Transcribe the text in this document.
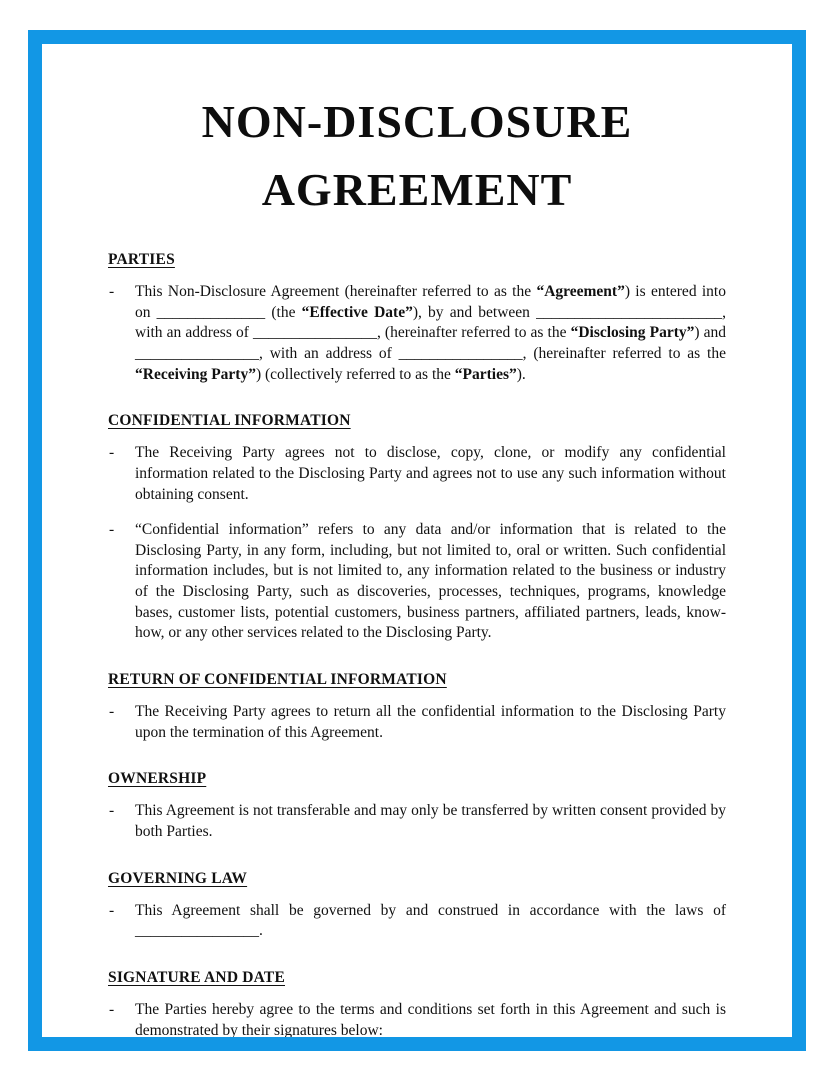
NON-DISCLOSURE
AGREEMENT
PARTIES
- This Non-Disclosure Agreement (hereinafter referred to as the “Agreement”) is entered into on ______________ (the “Effective Date”), by and between ________________________, with an address of ________________, (hereinafter referred to as the “Disclosing Party”) and ________________, with an address of ________________, (hereinafter referred to as the “Receiving Party”) (collectively referred to as the “Parties”).

CONFIDENTIAL INFORMATION
- The Receiving Party agrees not to disclose, copy, clone, or modify any confidential information related to the Disclosing Party and agrees not to use any such information without obtaining consent.

- “Confidential information” refers to any data and/or information that is related to the Disclosing Party, in any form, including, but not limited to, oral or written. Such confidential information includes, but is not limited to, any information related to the business or industry of the Disclosing Party, such as discoveries, processes, techniques, programs, knowledge bases, customer lists, potential customers, business partners, affiliated partners, leads, know-how, or any other services related to the Disclosing Party.

RETURN OF CONFIDENTIAL INFORMATION
- The Receiving Party agrees to return all the confidential information to the Disclosing Party upon the termination of this Agreement.

OWNERSHIP
- This Agreement is not transferable and may only be transferred by written consent provided by both Parties.

GOVERNING LAW
- This Agreement shall be governed by and construed in accordance with the laws of ________________.

SIGNATURE AND DATE
- The Parties hereby agree to the terms and conditions set forth in this Agreement and such is demonstrated by their signatures below:
